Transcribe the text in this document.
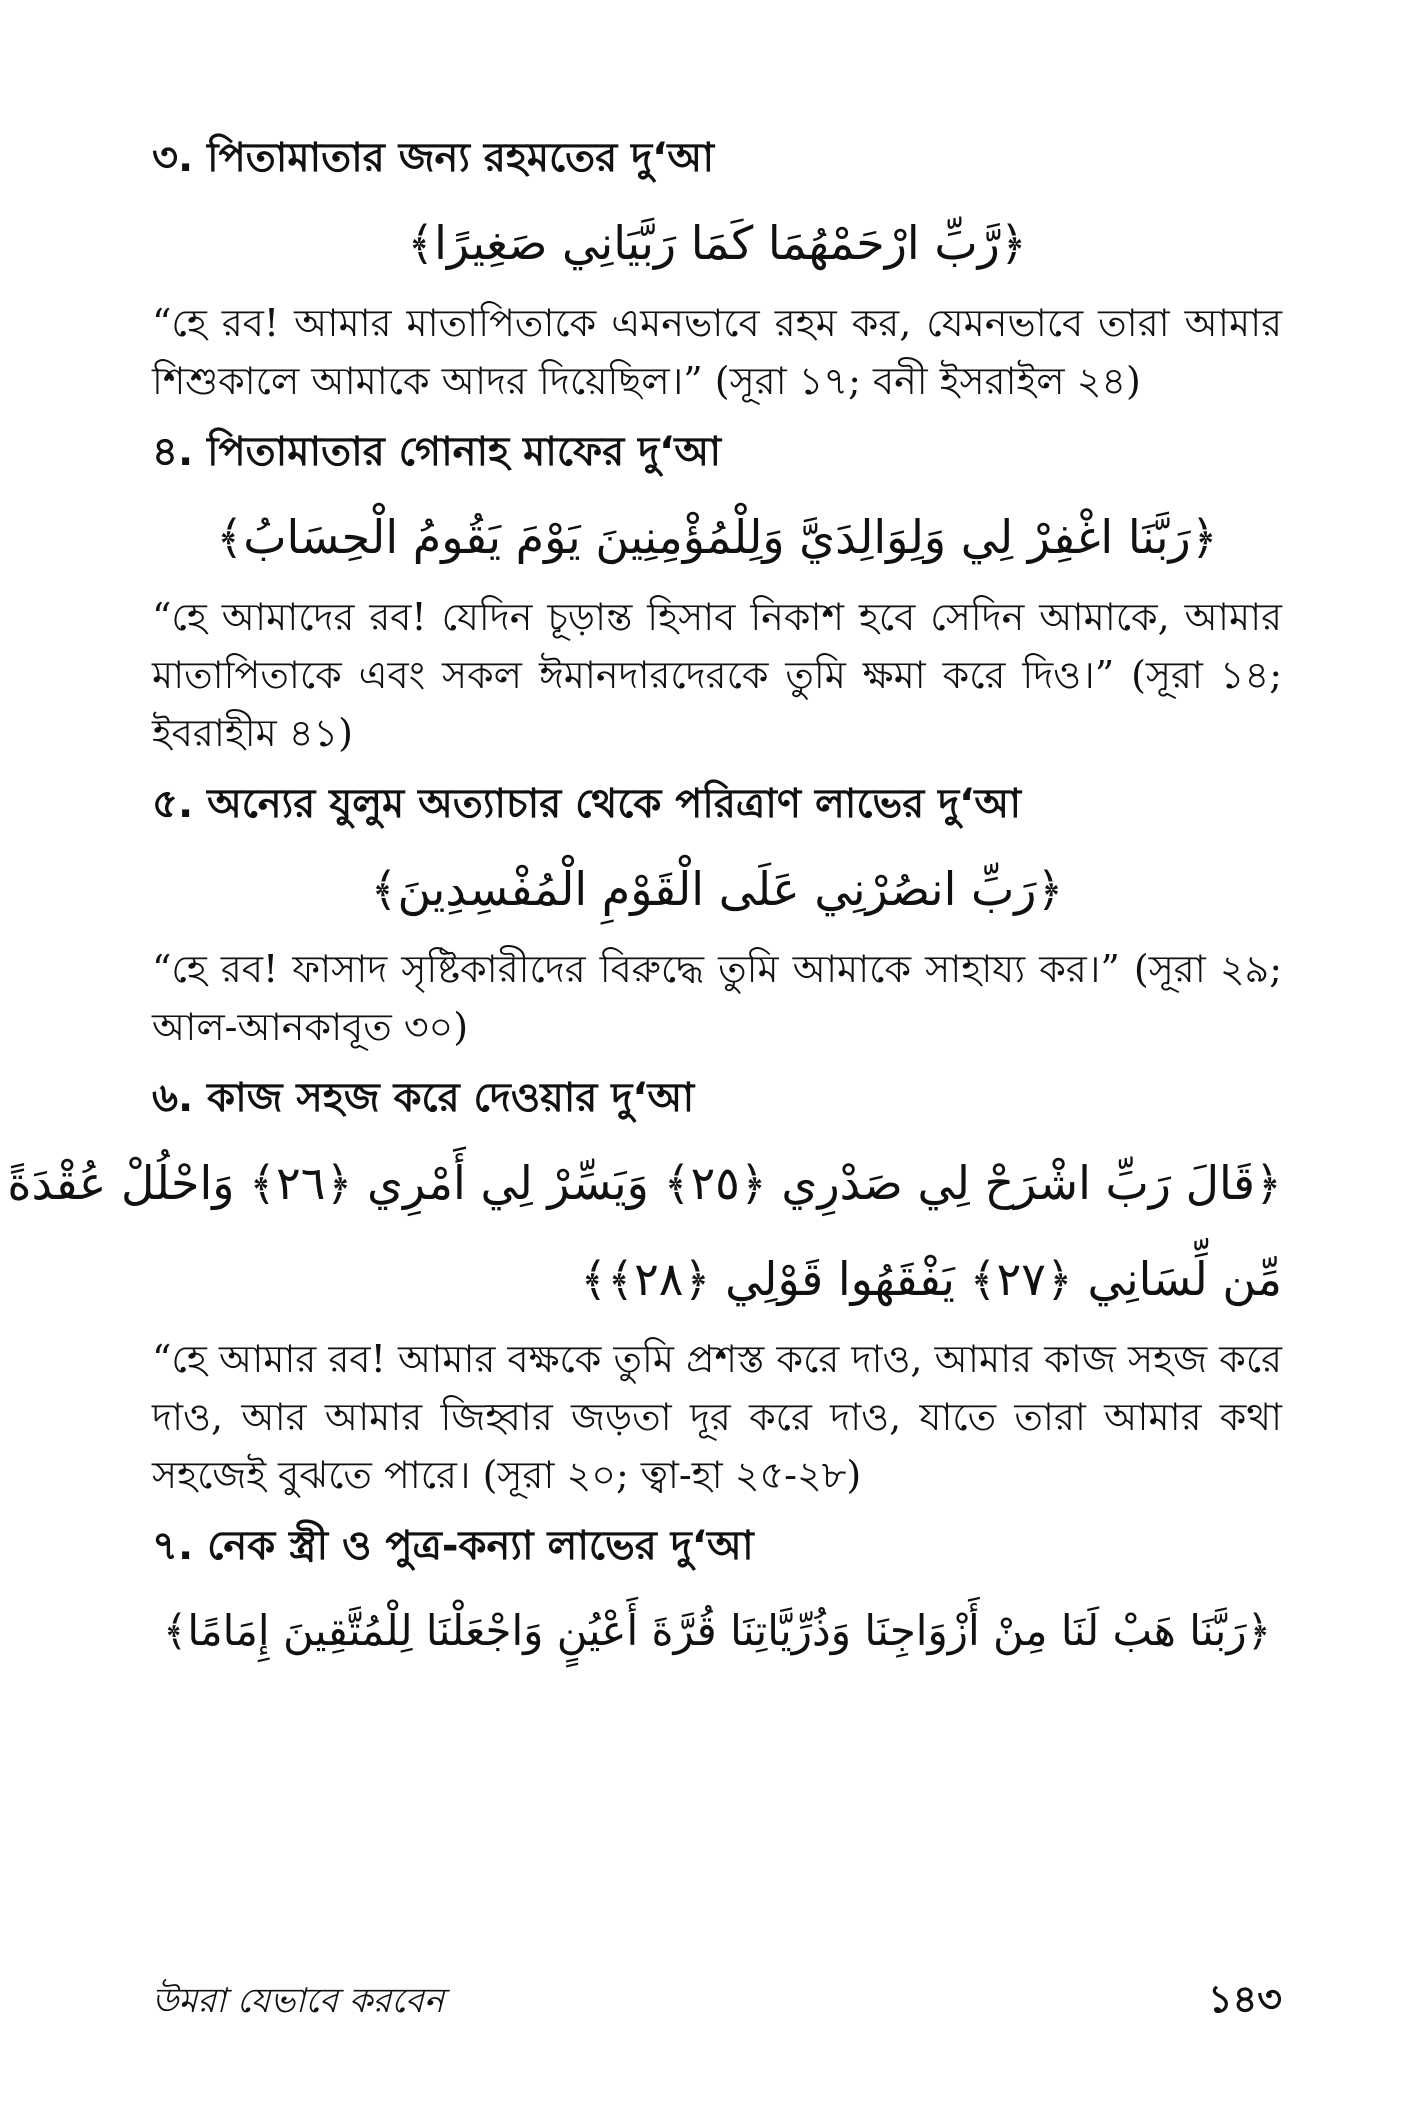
৩. পিতামাতার জন্য রহমতের দু‘আ
﴿رَّبِّ ارْحَمْهُمَا كَمَا رَبَّيَانِي صَغِيرًا﴾

“হে রব! আমার মাতাপিতাকে এমনভাবে রহম কর, যেমনভাবে তারা আমার শিশুকালে আমাকে আদর দিয়েছিল।” (সূরা ১৭; বনী ইসরাইল ২৪)

৪. পিতামাতার গোনাহ মাফের দু‘আ
﴿رَبَّنَا اغْفِرْ لِي وَلِوَالِدَيَّ وَلِلْمُؤْمِنِينَ يَوْمَ يَقُومُ الْحِسَابُ﴾

“হে আমাদের রব! যেদিন চূড়ান্ত হিসাব নিকাশ হবে সেদিন আমাকে, আমার মাতাপিতাকে এবং সকল ঈমানদারদেরকে তুমি ক্ষমা করে দিও।” (সূরা ১৪; ইবরাহীম ৪১)

৫. অন্যের যুলুম অত্যাচার থেকে পরিত্রাণ লাভের দু‘আ
﴿رَبِّ انصُرْنِي عَلَى الْقَوْمِ الْمُفْسِدِينَ﴾

“হে রব! ফাসাদ সৃষ্টিকারীদের বিরুদ্ধে তুমি আমাকে সাহায্য কর।” (সূরা ২৯; আল-আনকাবূত ৩০)

৬. কাজ সহজ করে দেওয়ার দু‘আ
﴿قَالَ رَبِّ اشْرَحْ لِي صَدْرِي ﴿٢٥﴾ وَيَسِّرْ لِي أَمْرِي ﴿٢٦﴾ وَاحْلُلْ عُقْدَةً
مِّن لِّسَانِي ﴿٢٧﴾ يَفْقَهُوا قَوْلِي ﴿٢٨﴾﴾

“হে আমার রব! আমার বক্ষকে তুমি প্রশস্ত করে দাও, আমার কাজ সহজ করে দাও, আর আমার জিহ্বার জড়তা দূর করে দাও, যাতে তারা আমার কথা সহজেই বুঝতে পারে। (সূরা ২০; ত্বা-হা ২৫-২৮)

৭. নেক স্ত্রী ও পুত্র-কন্যা লাভের দু‘আ
﴿رَبَّنَا هَبْ لَنَا مِنْ أَزْوَاجِنَا وَذُرِّيَّاتِنَا قُرَّةَ أَعْيُنٍ وَاجْعَلْنَا لِلْمُتَّقِينَ إِمَامًا﴾
উমরা যেভাবে করবেন	১৪৩
